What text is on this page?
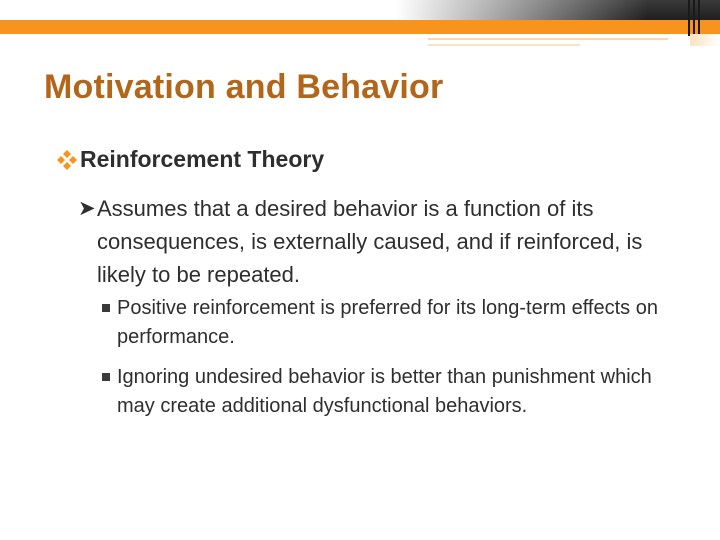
Motivation and Behavior
Reinforcement Theory
➤ Assumes that a desired behavior is a function of its consequences, is externally caused, and if reinforced, is likely to be repeated.
Positive reinforcement is preferred for its long-term effects on performance.
Ignoring undesired behavior is better than punishment which may create additional dysfunctional behaviors.
